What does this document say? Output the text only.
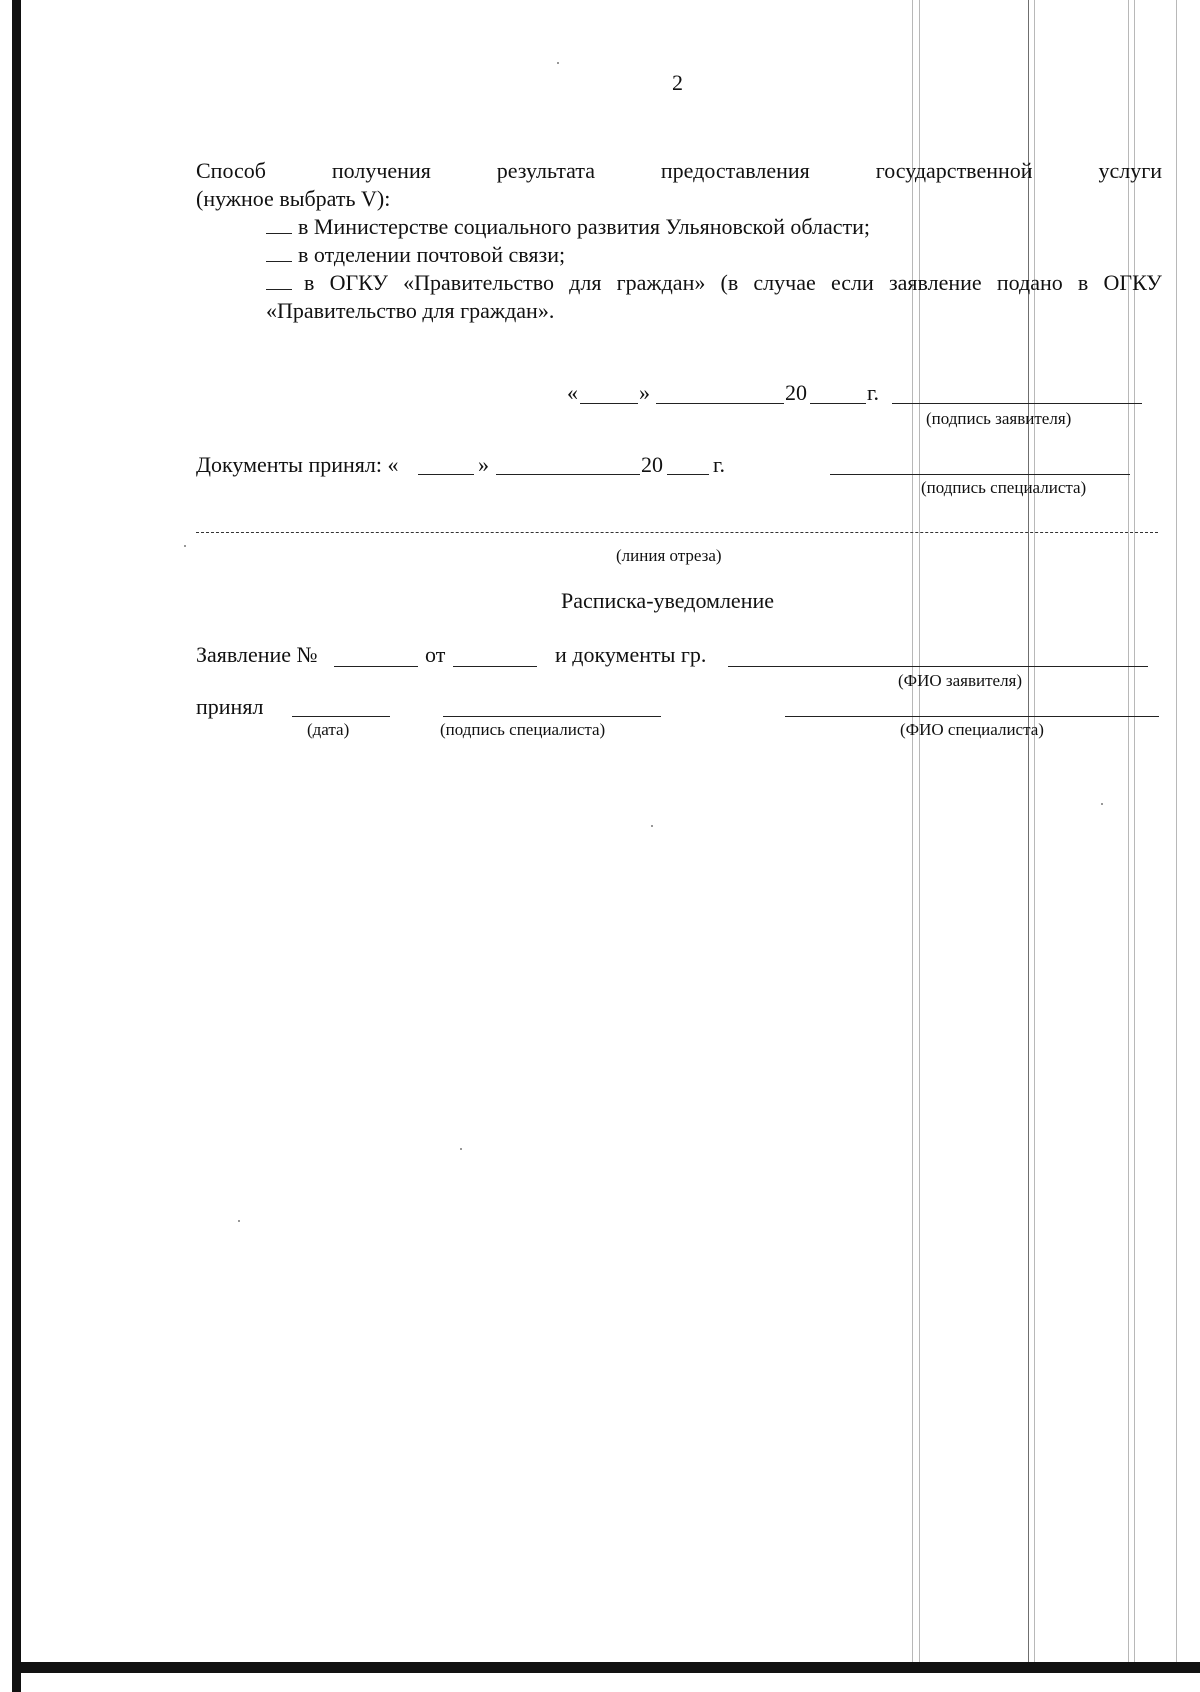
2
Способ	получения	результата	предоставления	государственной	услуги
(нужное выбрать V):
в Министерстве социального развития Ульяновской области;
в отделении почтовой связи;
в ОГКУ «Правительство для граждан» (в случае если заявление подано в ОГКУ
«Правительство для граждан».
«	»	20	г.
(подпись заявителя)
Документы принял: «	»	20 г.
(подпись специалиста)
(линия отреза)
Расписка-уведомление
Заявление №	от	и документы гр.
(ФИО заявителя)
принял
(дата)	(подпись специалиста)	(ФИО специалиста)
